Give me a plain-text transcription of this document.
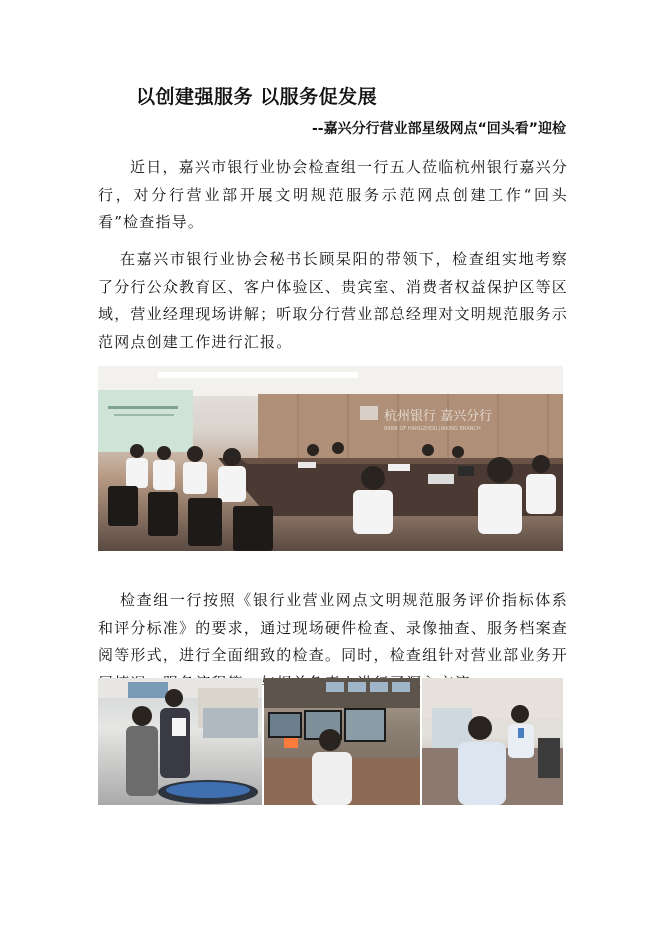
以创建强服务 以服务促发展
--嘉兴分行营业部星级网点“回头看”迎检

近日，嘉兴市银行业协会检查组一行五人莅临杭州银行嘉兴分行，对分行营业部开展文明规范服务示范网点创建工作“回头看”检查指导。

在嘉兴市银行业协会秘书长顾杲阳的带领下，检查组实地考察了分行公众教育区、客户体验区、贵宾室、消费者权益保护区等区域，营业经理现场讲解；听取分行营业部总经理对文明规范服务示范网点创建工作进行汇报。

杭州银行 嘉兴分行
BANK OF HANGZHOU JIAXING BRANCH

检查组一行按照《银行业营业网点文明规范服务评价指标体系和评分标准》的要求，通过现场硬件检查、录像抽查、服务档案查阅等形式，进行全面细致的检查。同时，检查组针对营业部业务开
